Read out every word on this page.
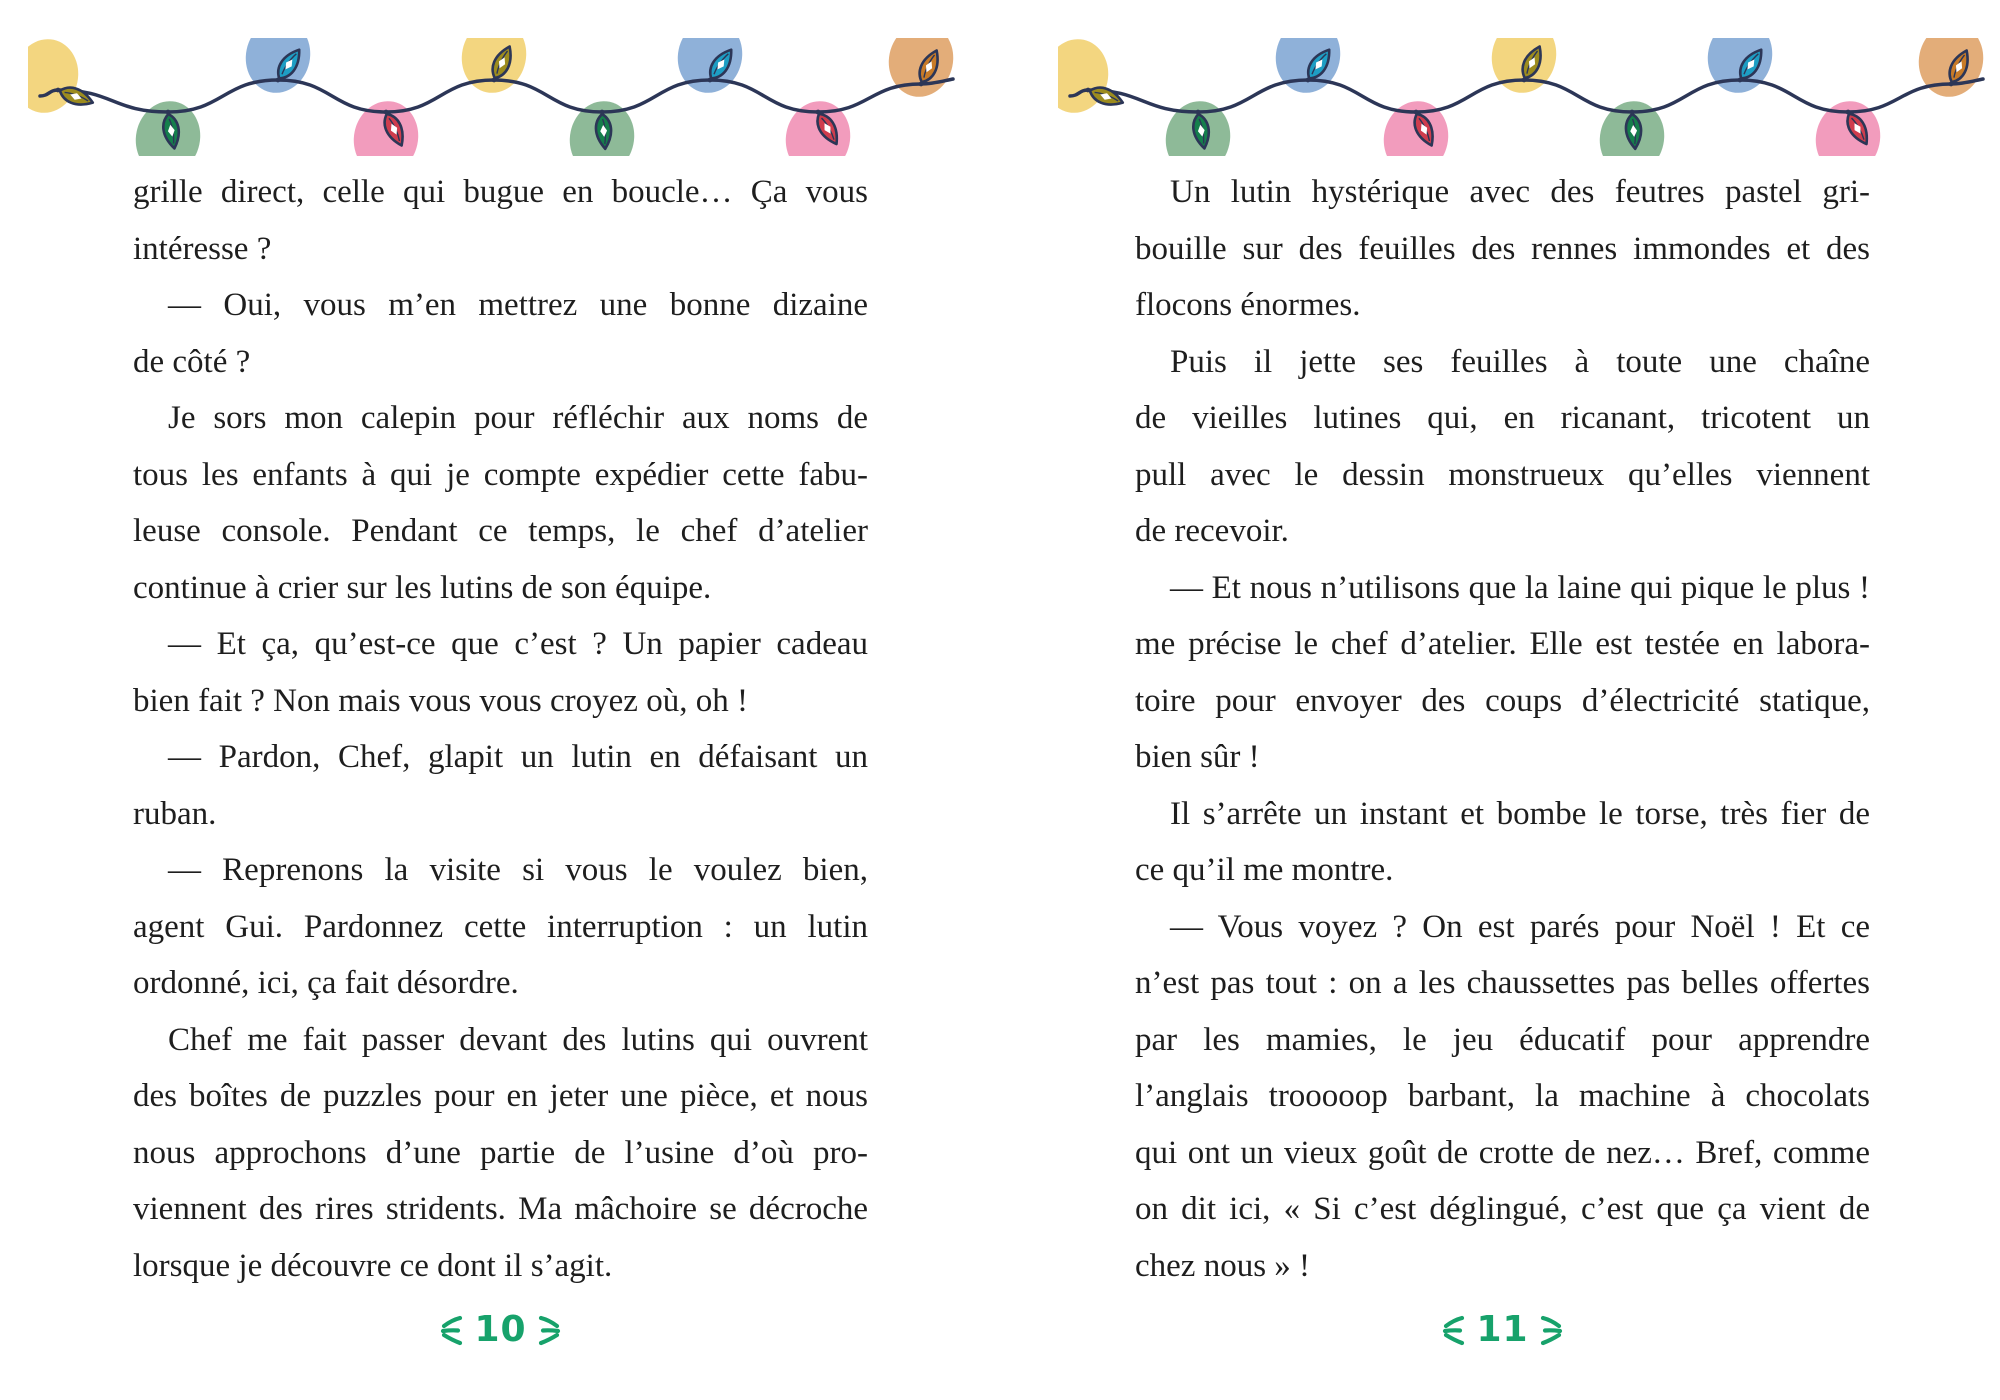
grille direct, celle qui bugue en boucle… Ça vous
intéresse ?
— Oui, vous m’en mettrez une bonne dizaine
de côté ?
Je sors mon calepin pour réfléchir aux noms de
tous les enfants à qui je compte expédier cette fabu-
leuse console. Pendant ce temps, le chef d’atelier
continue à crier sur les lutins de son équipe.
— Et ça, qu’est-ce que c’est ? Un papier cadeau
bien fait ? Non mais vous vous croyez où, oh !
— Pardon, Chef, glapit un lutin en défaisant un
ruban.
— Reprenons la visite si vous le voulez bien,
agent Gui. Pardonnez cette interruption : un lutin
ordonné, ici, ça fait désordre.
Chef me fait passer devant des lutins qui ouvrent
des boîtes de puzzles pour en jeter une pièce, et nous
nous approchons d’une partie de l’usine d’où pro-
viennent des rires stridents. Ma mâchoire se décroche
lorsque je découvre ce dont il s’agit.
Un lutin hystérique avec des feutres pastel gri-
bouille sur des feuilles des rennes immondes et des
flocons énormes.
Puis il jette ses feuilles à toute une chaîne
de vieilles lutines qui, en ricanant, tricotent un
pull avec le dessin monstrueux qu’elles viennent
de recevoir.
— Et nous n’utilisons que la laine qui pique le plus !
me précise le chef d’atelier. Elle est testée en labora-
toire pour envoyer des coups d’électricité statique,
bien sûr !
Il s’arrête un instant et bombe le torse, très fier de
ce qu’il me montre.
— Vous voyez ? On est parés pour Noël ! Et ce
n’est pas tout : on a les chaussettes pas belles offertes
par les mamies, le jeu éducatif pour apprendre
l’anglais trooooop barbant, la machine à chocolats
qui ont un vieux goût de crotte de nez… Bref, comme
on dit ici, « Si c’est déglingué, c’est que ça vient de
chez nous » !
10	11
